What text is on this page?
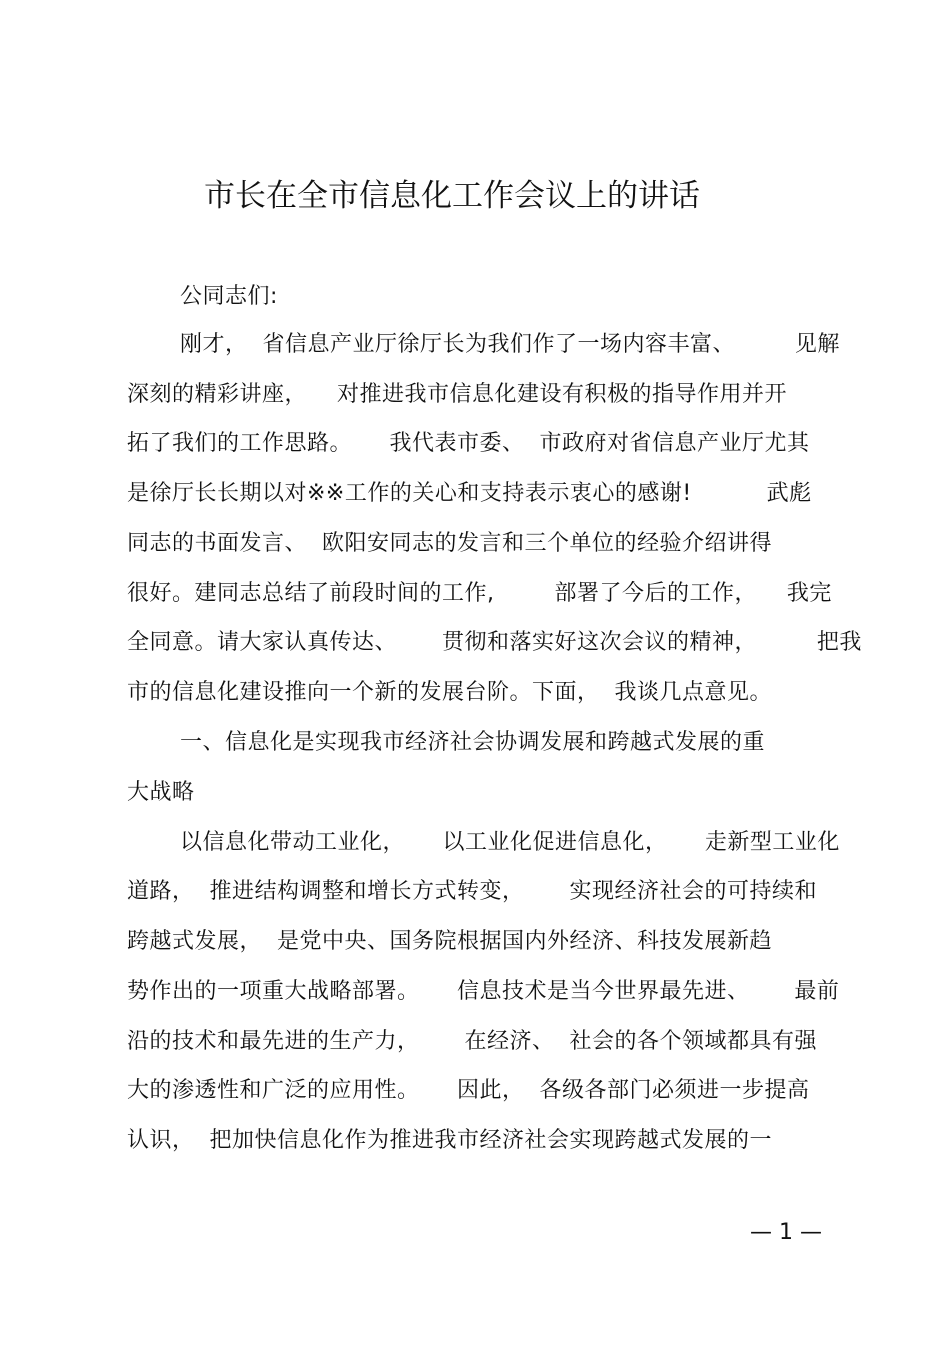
市长在全市信息化工作会议上的讲话
公同志们:
刚才，  省信息产业厅徐厅长为我们作了一场内容丰富、        见解
深刻的精彩讲座，    对推进我市信息化建设有积极的指导作用并开
拓了我们的工作思路。     我代表市委、  市政府对省信息产业厅尤其
是徐厅长长期以对※※工作的关心和支持表示衷心的感谢!          武彪
同志的书面发言、  欧阳安同志的发言和三个单位的经验介绍讲得
很好。建同志总结了前段时间的工作,        部署了今后的工作，    我完
全同意。请大家认真传达、      贯彻和落实好这次会议的精神，        把我
市的信息化建设推向一个新的发展台阶。下面，  我谈几点意见。
一、信息化是实现我市经济社会协调发展和跨越式发展的重
大战略
以信息化带动工业化，     以工业化促进信息化，     走新型工业化
道路，  推进结构调整和增长方式转变，      实现经济社会的可持续和
跨越式发展，  是党中央、国务院根据国内外经济、科技发展新趋
势作出的一项重大战略部署。     信息技术是当今世界最先进、      最前
沿的技术和最先进的生产力，      在经济、  社会的各个领域都具有强
大的渗透性和广泛的应用性。     因此，  各级各部门必须进一步提高
认识，  把加快信息化作为推进我市经济社会实现跨越式发展的一
— 1 —
